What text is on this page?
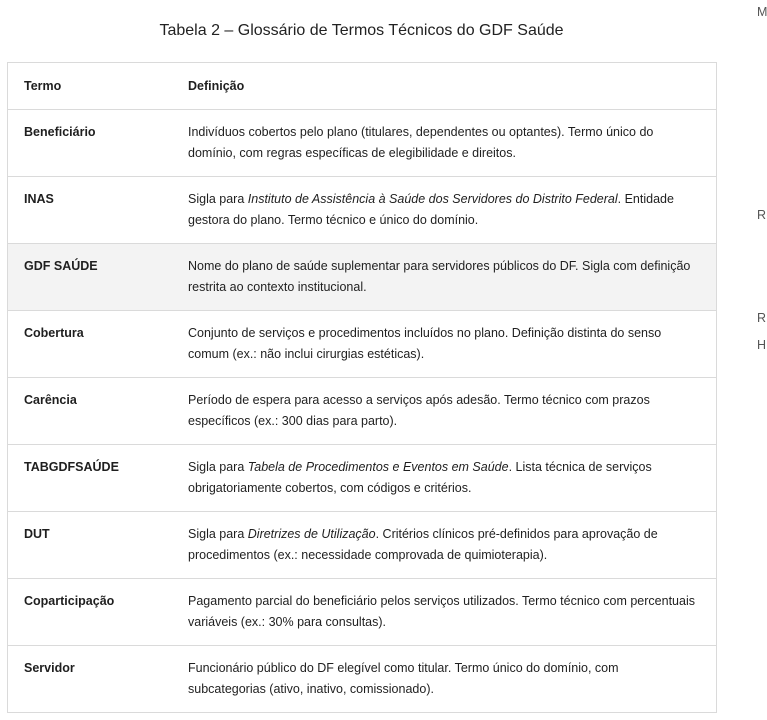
Tabela 2 – Glossário de Termos Técnicos do GDF Saúde
Termo	Definição
Beneficiário	Indivíduos cobertos pelo plano (titulares, dependentes ou optantes). Termo único do domínio, com regras específicas de elegibilidade e direitos.
INAS	Sigla para Instituto de Assistência à Saúde dos Servidores do Distrito Federal. Entidade gestora do plano. Termo técnico e único do domínio.
GDF SAÚDE	Nome do plano de saúde suplementar para servidores públicos do DF. Sigla com definição restrita ao contexto institucional.
Cobertura	Conjunto de serviços e procedimentos incluídos no plano. Definição distinta do senso comum (ex.: não inclui cirurgias estéticas).
Carência	Período de espera para acesso a serviços após adesão. Termo técnico com prazos específicos (ex.: 300 dias para parto).
TABGDFSAÚDE	Sigla para Tabela de Procedimentos e Eventos em Saúde. Lista técnica de serviços obrigatoriamente cobertos, com códigos e critérios.
DUT	Sigla para Diretrizes de Utilização. Critérios clínicos pré-definidos para aprovação de procedimentos (ex.: necessidade comprovada de quimioterapia).
Coparticipação	Pagamento parcial do beneficiário pelos serviços utilizados. Termo técnico com percentuais variáveis (ex.: 30% para consultas).
Servidor	Funcionário público do DF elegível como titular. Termo único do domínio, com subcategorias (ativo, inativo, comissionado).
M
R
R
H
